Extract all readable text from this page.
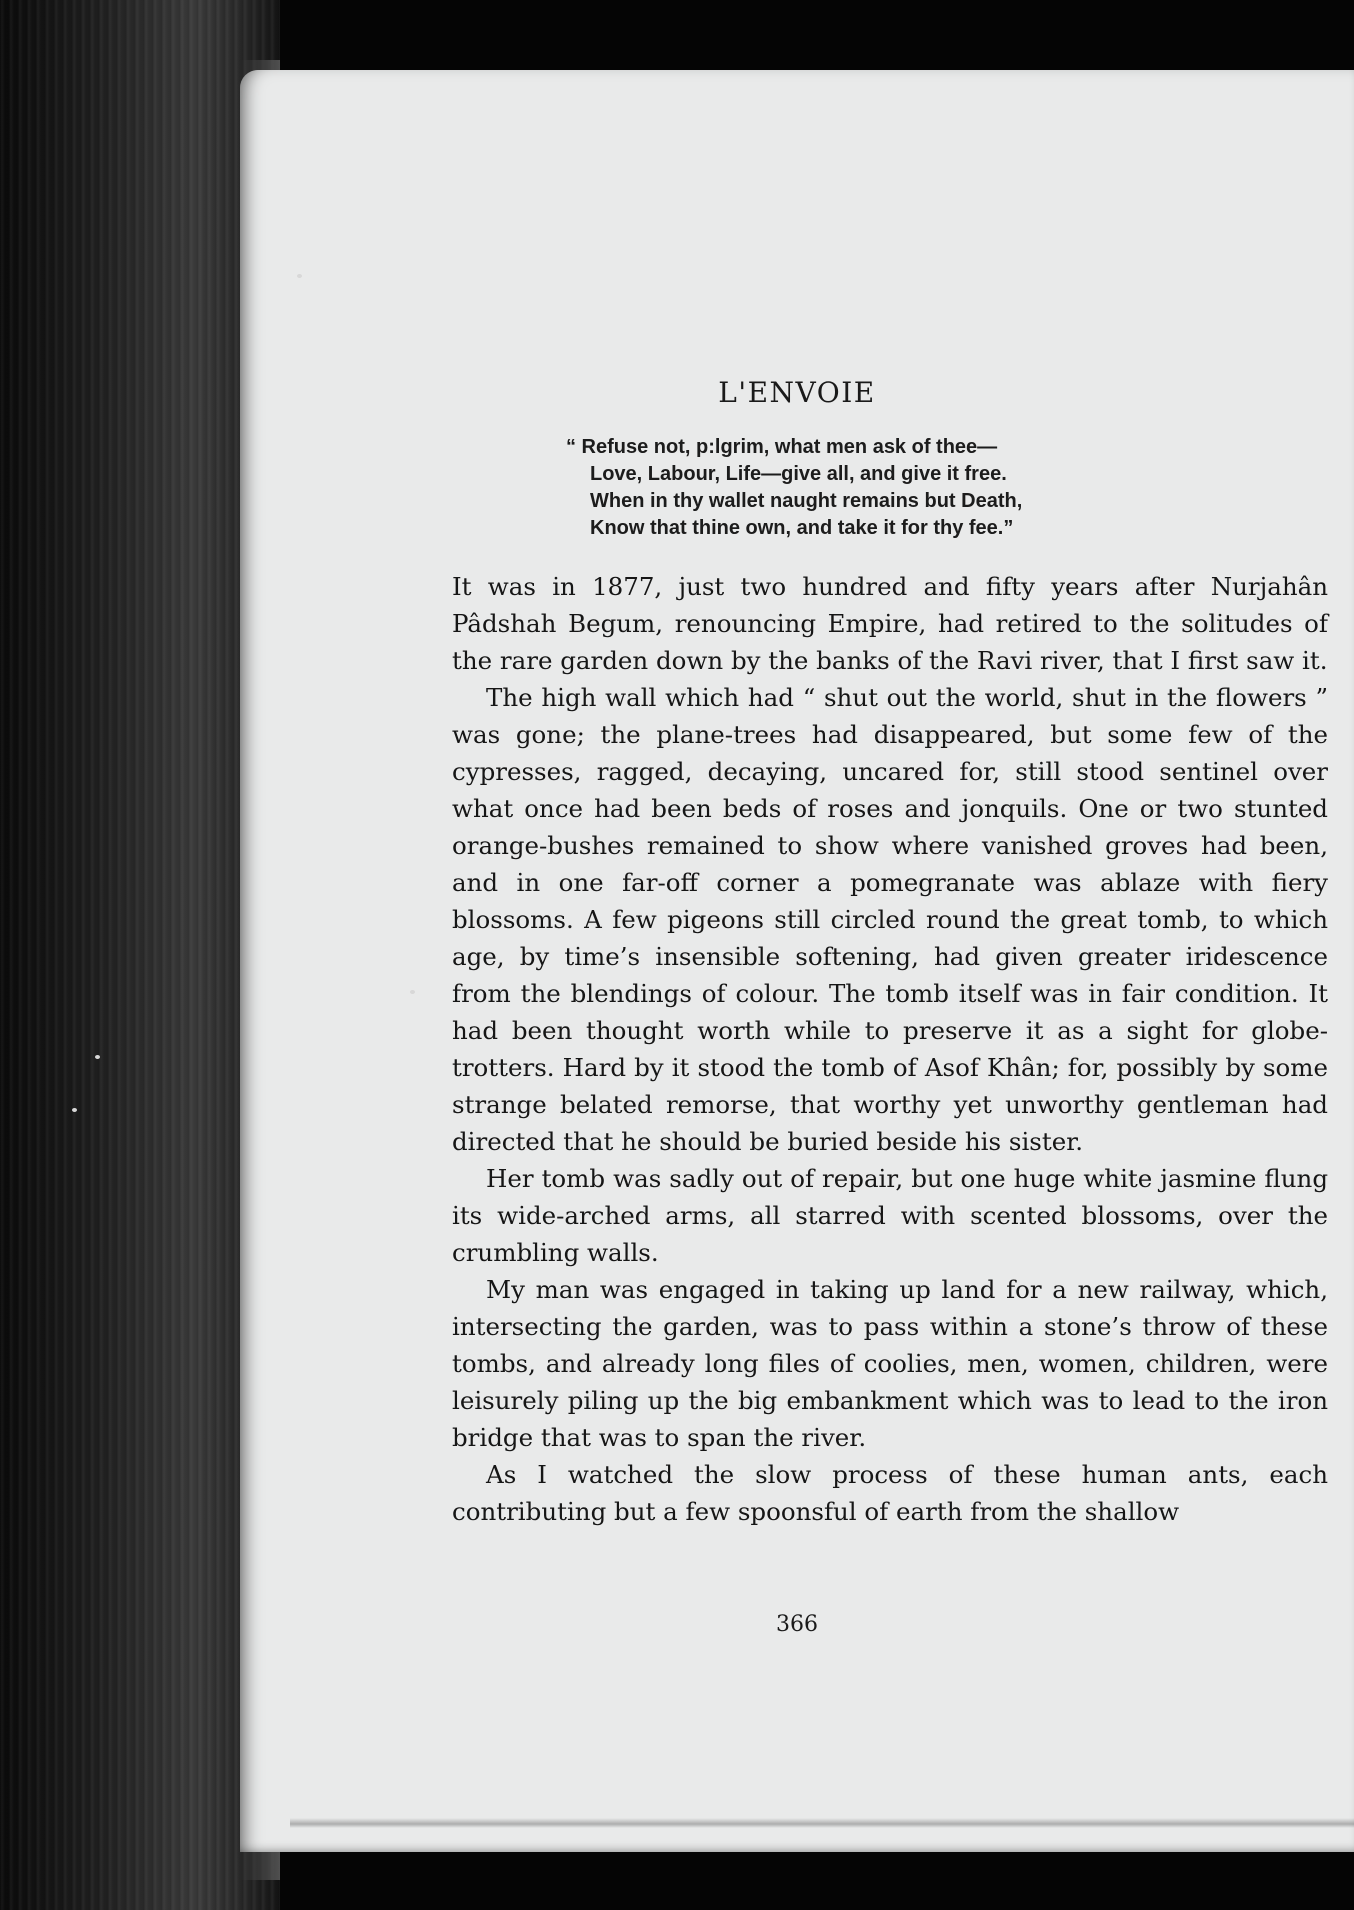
L'ENVOIE
“ Refuse not, p:lgrim, what men ask of thee—
Love, Labour, Life—give all, and give it free.
When in thy wallet naught remains but Death,
Know that thine own, and take it for thy fee.”

It was in 1877, just two hundred and fifty years after Nurjahân Pâdshah Begum, renouncing Empire, had retired to the solitudes of the rare garden down by the banks of the Ravi river, that I first saw it.

The high wall which had “ shut out the world, shut in the flowers ” was gone; the plane-trees had disappeared, but some few of the cypresses, ragged, decaying, uncared for, still stood sentinel over what once had been beds of roses and jonquils. One or two stunted orange-bushes remained to show where vanished groves had been, and in one far-off corner a pomegranate was ablaze with fiery blossoms. A few pigeons still circled round the great tomb, to which age, by time’s insensible softening, had given greater iridescence from the blendings of colour. The tomb itself was in fair condition. It had been thought worth while to preserve it as a sight for globe-trotters. Hard by it stood the tomb of Asof Khân; for, possibly by some strange belated remorse, that worthy yet unworthy gentleman had directed that he should be buried beside his sister.

Her tomb was sadly out of repair, but one huge white jasmine flung its wide-arched arms, all starred with scented blossoms, over the crumbling walls.

My man was engaged in taking up land for a new railway, which, intersecting the garden, was to pass within a stone’s throw of these tombs, and already long files of coolies, men, women, children, were leisurely piling up the big embankment which was to lead to the iron bridge that was to span the river.

As I watched the slow process of these human ants, each contributing but a few spoonsful of earth from the shallow

366
